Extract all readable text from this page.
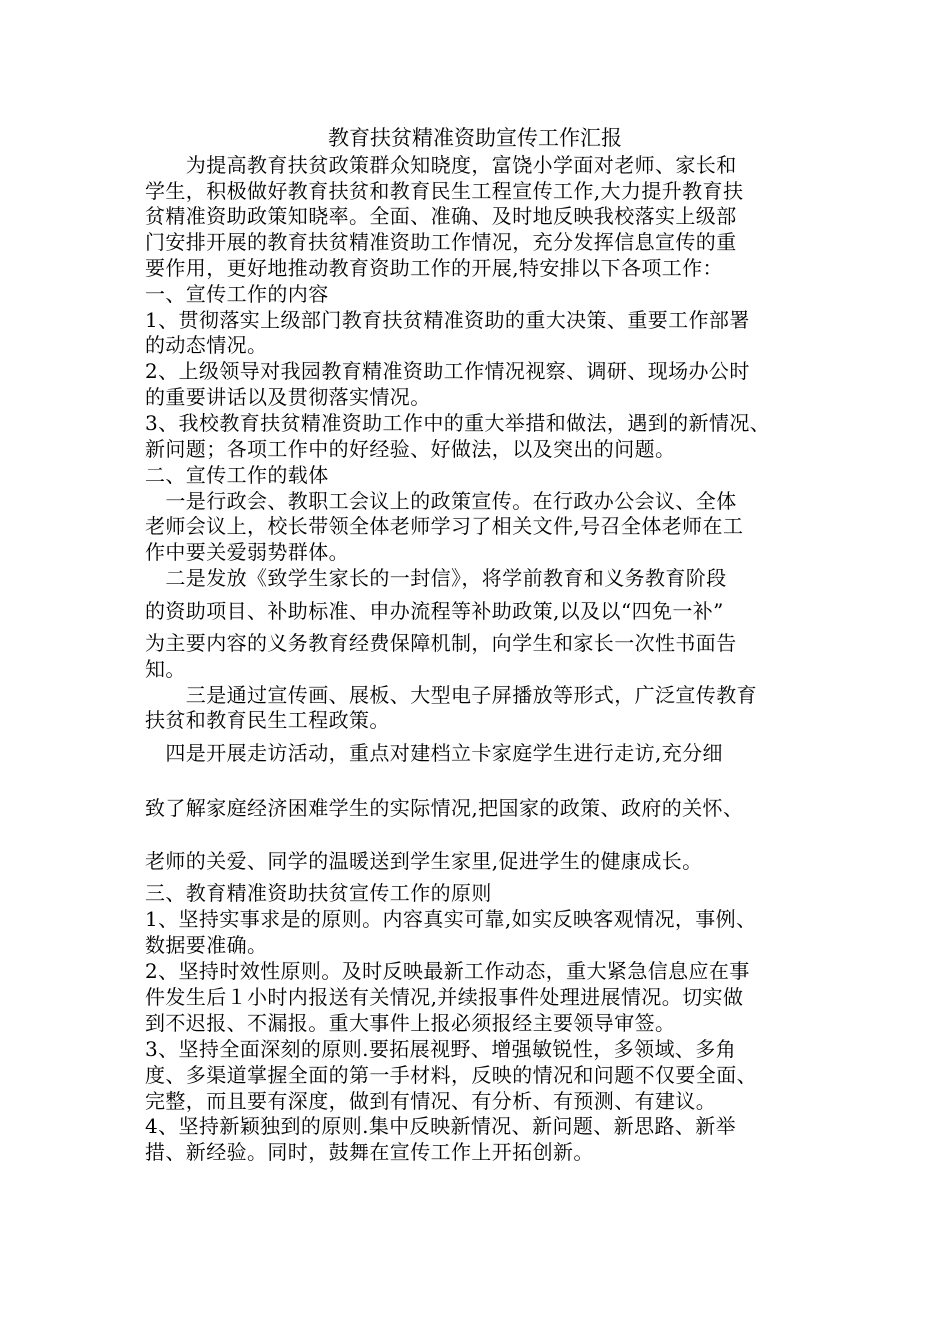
教育扶贫精准资助宣传工作汇报
　　为提高教育扶贫政策群众知晓度，富饶小学面对老师、家长和
学生，积极做好教育扶贫和教育民生工程宣传工作,大力提升教育扶
贫精准资助政策知晓率。全面、准确、及时地反映我校落实上级部
门安排开展的教育扶贫精准资助工作情况，充分发挥信息宣传的重
要作用，更好地推动教育资助工作的开展,特安排以下各项工作：
一、宣传工作的内容
1、贯彻落实上级部门教育扶贫精准资助的重大决策、重要工作部署
的动态情况。
2、上级领导对我园教育精准资助工作情况视察、调研、现场办公时
的重要讲话以及贯彻落实情况。
3、我校教育扶贫精准资助工作中的重大举措和做法，遇到的新情况、
新问题；各项工作中的好经验、好做法，以及突出的问题。
二、宣传工作的载体
　一是行政会、教职工会议上的政策宣传。在行政办公会议、全体
老师会议上，校长带领全体老师学习了相关文件,号召全体老师在工
作中要关爱弱势群体。
　二是发放《致学生家长的一封信》，将学前教育和义务教育阶段
的资助项目、补助标准、申办流程等补助政策,以及以“四免一补”
为主要内容的义务教育经费保障机制，向学生和家长一次性书面告
知。
　　三是通过宣传画、展板、大型电子屏播放等形式，广泛宣传教育
扶贫和教育民生工程政策。
　四是开展走访活动，重点对建档立卡家庭学生进行走访,充分细
致了解家庭经济困难学生的实际情况,把国家的政策、政府的关怀、
老师的关爱、同学的温暖送到学生家里,促进学生的健康成长。
三、教育精准资助扶贫宣传工作的原则
1、坚持实事求是的原则。内容真实可靠,如实反映客观情况，事例、
数据要准确。
2、坚持时效性原则。及时反映最新工作动态，重大紧急信息应在事
件发生后１小时内报送有关情况,并续报事件处理进展情况。切实做
到不迟报、不漏报。重大事件上报必须报经主要领导审签。
3、坚持全面深刻的原则.要拓展视野、增强敏锐性，多领域、多角
度、多渠道掌握全面的第一手材料，反映的情况和问题不仅要全面、
完整，而且要有深度，做到有情况、有分析、有预测、有建议。
4、坚持新颖独到的原则.集中反映新情况、新问题、新思路、新举
措、新经验。同时，鼓舞在宣传工作上开拓创新。
